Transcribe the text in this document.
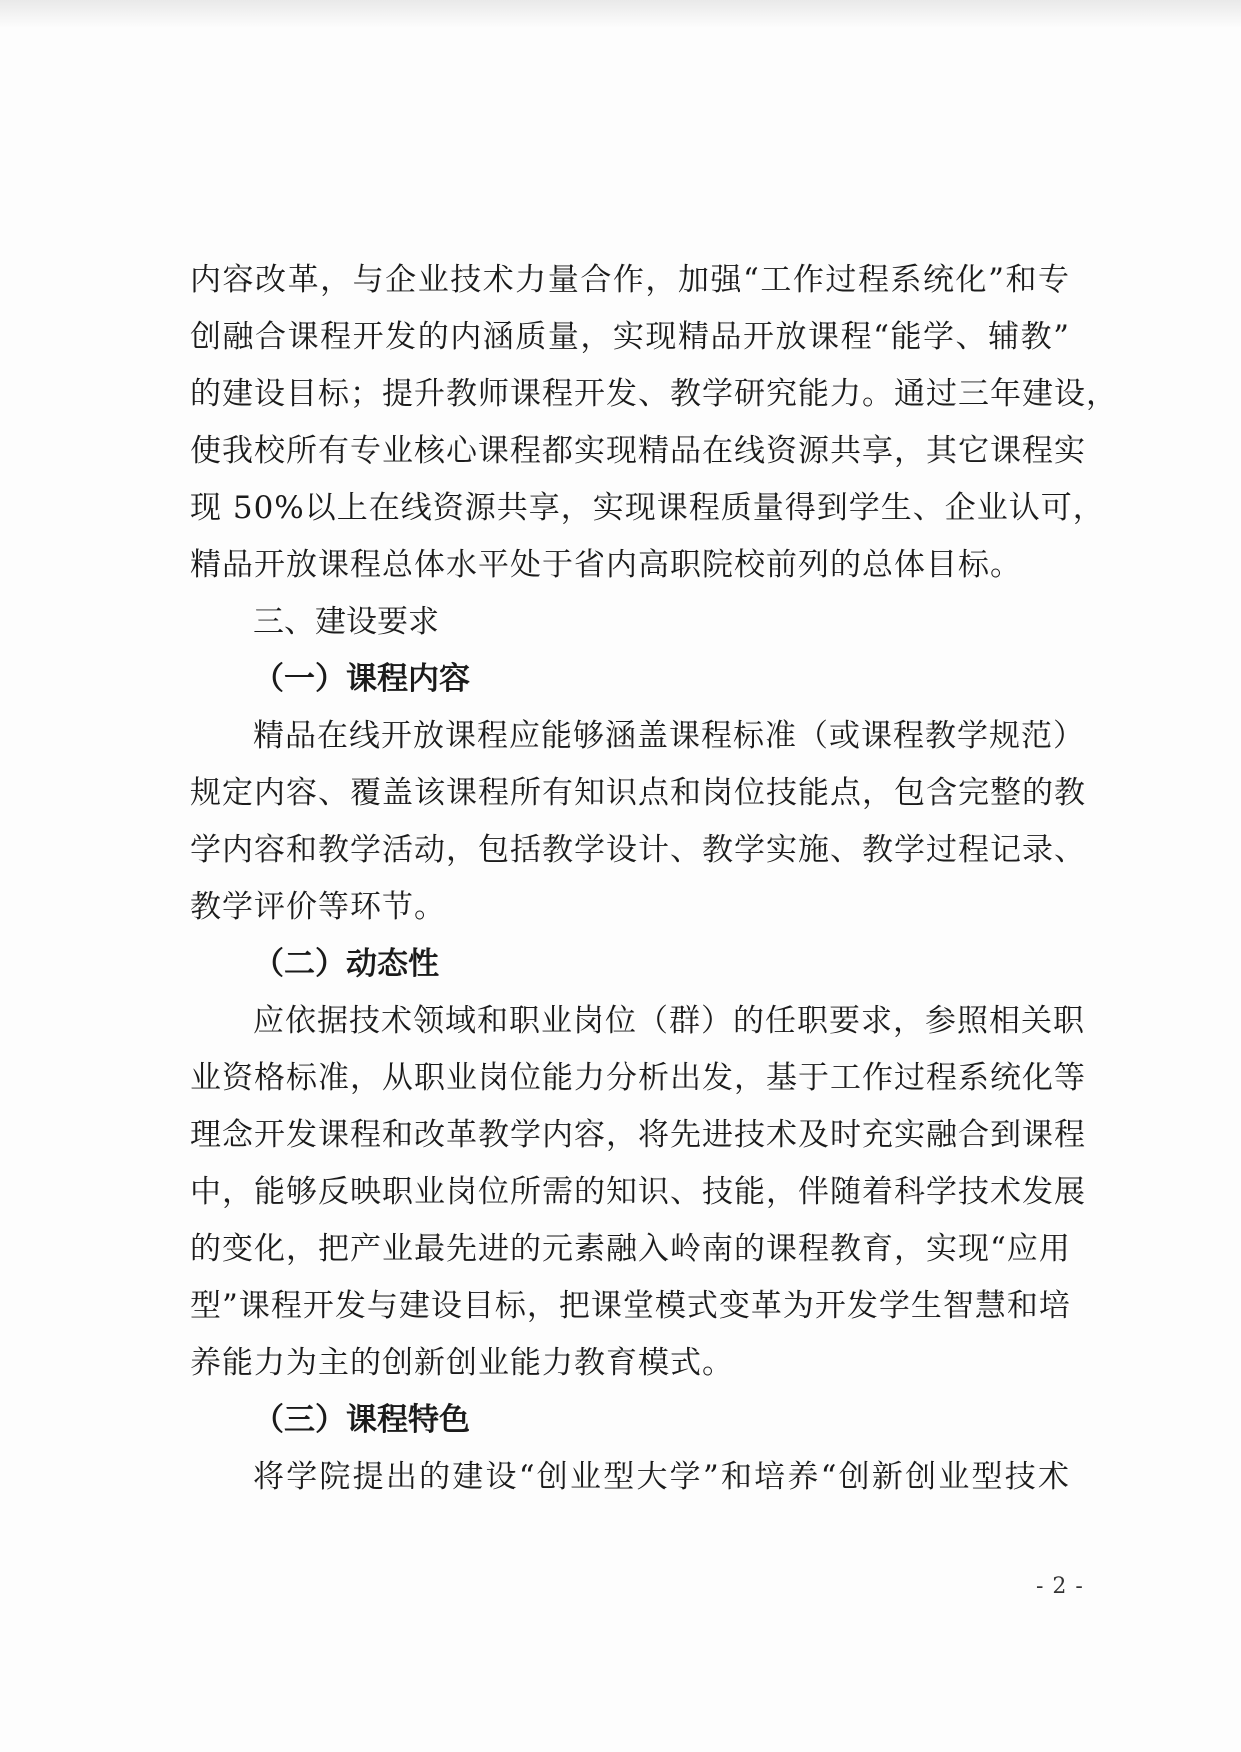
内容改革，与企业技术力量合作，加强“工作过程系统化”和专
创融合课程开发的内涵质量，实现精品开放课程“能学、辅教”
的建设目标；提升教师课程开发、教学研究能力。通过三年建设，
使我校所有专业核心课程都实现精品在线资源共享，其它课程实
现 50%以上在线资源共享，实现课程质量得到学生、企业认可，
精品开放课程总体水平处于省内高职院校前列的总体目标。
三、建设要求
（一）课程内容
精品在线开放课程应能够涵盖课程标准（或课程教学规范）
规定内容、覆盖该课程所有知识点和岗位技能点，包含完整的教
学内容和教学活动，包括教学设计、教学实施、教学过程记录、
教学评价等环节。
（二）动态性
应依据技术领域和职业岗位（群）的任职要求，参照相关职
业资格标准，从职业岗位能力分析出发，基于工作过程系统化等
理念开发课程和改革教学内容，将先进技术及时充实融合到课程
中，能够反映职业岗位所需的知识、技能，伴随着科学技术发展
的变化，把产业最先进的元素融入岭南的课程教育，实现“应用
型”课程开发与建设目标，把课堂模式变革为开发学生智慧和培
养能力为主的创新创业能力教育模式。
（三）课程特色
将学院提出的建设“创业型大学”和培养“创新创业型技术
- 2 -
